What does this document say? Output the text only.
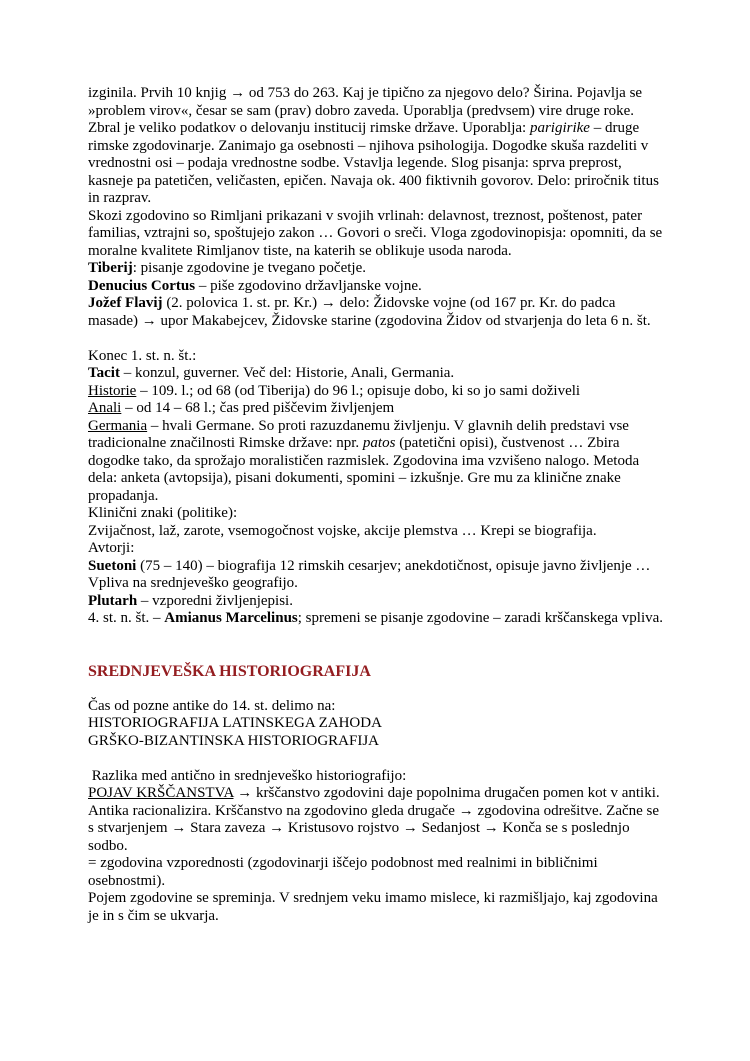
izginila. Prvih 10 knjig → od 753 do 263. Kaj je tipično za njegovo delo? Širina. Pojavlja se »problem virov«, česar se sam (prav) dobro zaveda. Uporablja (predvsem) vire druge roke. Zbral je veliko podatkov o delovanju institucij rimske države. Uporablja: parigirike – druge rimske zgodovinarje. Zanimajo ga osebnosti – njihova psihologija. Dogodke skuša razdeliti v vrednostni osi – podaja vrednostne sodbe. Vstavlja legende. Slog pisanja: sprva preprost, kasneje pa patetičen, veličasten, epičen. Navaja ok. 400 fiktivnih govorov. Delo: priročnik titus in razprav.
Skozi zgodovino so Rimljani prikazani v svojih vrlinah: delavnost, treznost, poštenost, pater familias, vztrajni so, spoštujejo zakon … Govori o sreči. Vloga zgodovinopisja: opomniti, da se moralne kvalitete Rimljanov tiste, na katerih se oblikuje usoda naroda.
Tiberij: pisanje zgodovine je tvegano početje.
Denucius Cortus – piše zgodovino državljanske vojne.
Jožef Flavij (2. polovica 1. st. pr. Kr.) → delo: Židovske vojne (od 167 pr. Kr. do padca masade) → upor Makabejcev, Židovske starine (zgodovina Židov od stvarjenja do leta 6 n. št.

Konec 1. st. n. št.:
Tacit – konzul, guverner. Več del: Historie, Anali, Germania.
Historie – 109. l.; od 68 (od Tiberija) do 96 l.; opisuje dobo, ki so jo sami doživeli
Anali – od 14 – 68 l.; čas pred piščevim življenjem
Germania – hvali Germane. So proti razuzdanemu življenju. V glavnih delih predstavi vse tradicionalne značilnosti Rimske države: npr. patos (patetični opisi), čustvenost … Zbira dogodke tako, da sprožajo moralističen razmislek. Zgodovina ima vzvišeno nalogo. Metoda dela: anketa (avtopsija), pisani dokumenti, spomini – izkušnje. Gre mu za klinične znake propadanja.
Klinični znaki (politike):
Zvijačnost, laž, zarote, vsemogočnost vojske, akcije plemstva … Krepi se biografija.
Avtorji:
Suetoni (75 – 140) – biografija 12 rimskih cesarjev; anekdotičnost, opisuje javno življenje …
Vpliva na srednjeveško geografijo.
Plutarh – vzporedni življenjepisi.
4. st. n. št. – Amianus Marcelinus; spremeni se pisanje zgodovine – zaradi krščanskega vpliva.

SREDNJEVEŠKA HISTORIOGRAFIJA

Čas od pozne antike do 14. st. delimo na:
HISTORIOGRAFIJA LATINSKEGA ZAHODA
GRŠKO-BIZANTINSKA HISTORIOGRAFIJA

Razlika med antično in srednjeveško historiografijo:
POJAV KRŠČANSTVA → krščanstvo zgodovini daje popolnima drugačen pomen kot v antiki. Antika racionalizira. Krščanstvo na zgodovino gleda drugače → zgodovina odrešitve. Začne se s stvarjenjem → Stara zaveza → Kristusovo rojstvo → Sedanjost → Konča se s poslednjo sodbo.
= zgodovina vzporednosti (zgodovinarji iščejo podobnost med realnimi in bibličnimi osebnostmi).
Pojem zgodovine se spreminja. V srednjem veku imamo mislece, ki razmišljajo, kaj zgodovina je in s čim se ukvarja.
